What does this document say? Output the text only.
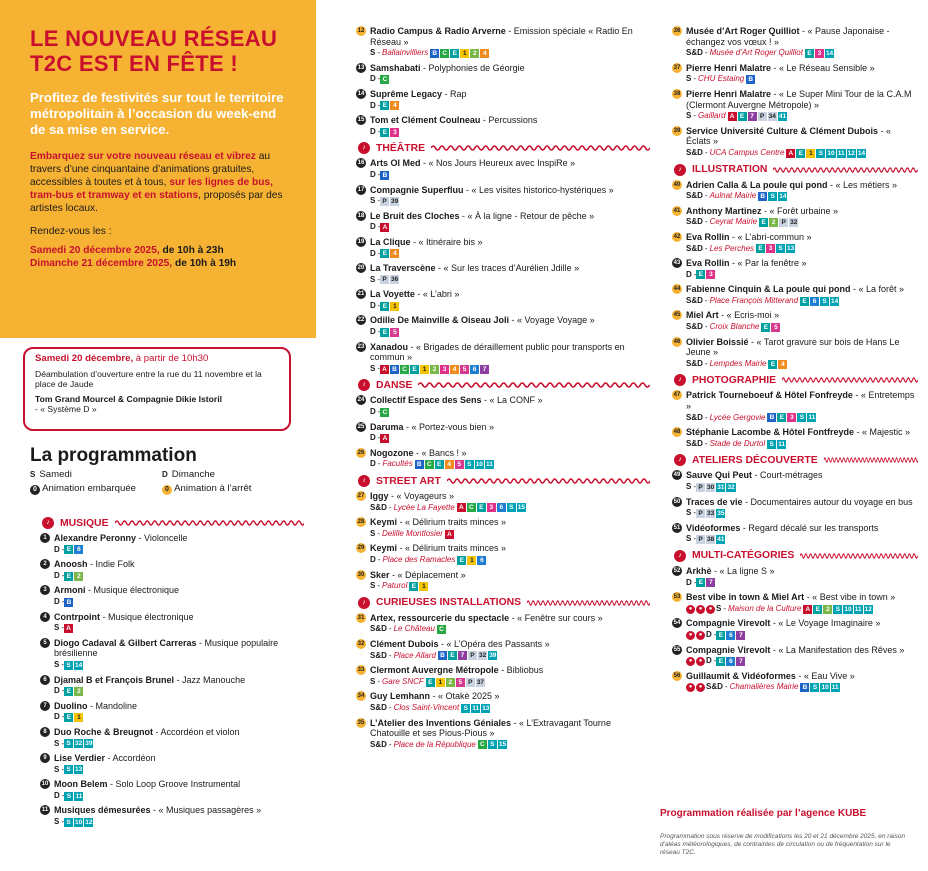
LE NOUVEAU RÉSEAU
T2C EST EN FÊTE !
Profitez de festivités sur tout le territoire métropolitain à l’occasion du week-end de sa mise en service.

Embarquez sur votre nouveau réseau et vibrez au travers d’une cinquantaine d’animations gratuites, accessibles à toutes et à tous, sur les lignes de bus, tram-bus et tramway et en stations, proposés par des artistes locaux.

Rendez-vous les :

Samedi 20 décembre 2025, de 10h à 23h
Dimanche 21 décembre 2025, de 10h à 19h

Samedi 20 décembre, à partir de 10h30
Déambulation d’ouverture entre la rue du 11 novembre et la place de Jaude
Tom Grand Mourcel & Compagnie Dikie Istoril
- « Système D »
La programmation
S Samedi	D Dimanche
0 Animation embarquée	0 Animation à l’arrêt
♪ MUSIQUE
1 Alexandre Peronny - Violoncelle
D - E 6
2 Anoosh - Indie Folk
D - E 2
3 Armoni - Musique électronique
D - B
4 Contrpoint - Musique électronique
S - A
5 Diogo Cadaval & Gilbert Carreras - Musique populaire brésilienne
S - S 14
6 Djamal B et François Brunel - Jazz Manouche
D - E 2
7 Duolino - Mandoline
D - E 1
8 Duo Roche & Breugnot - Accordéon et violon
S - S 32 39
9 Lise Verdier - Accordéon
S - S 13
10 Moon Belem - Solo Loop Groove Instrumental
D - S 11
11 Musiques démesurées - « Musiques passagères »
S - S 10 12
12 Radio Campus & Radio Arverne - Emission spéciale « Radio En Réseau »
S - Ballainvilliers B C E 1 2 4
13 Samshabati - Polyphonies de Géorgie
D - C
14 Suprême Legacy - Rap
D - E 4
15 Tom et Clément Coulneau - Percussions
D - E 3
♪ THÉÂTRE
16 Arts Ol Med - « Nos Jours Heureux avec InspiRe »
D - B
17 Compagnie Superfluu - « Les visites historico-hystériques »
S - P 39
18 Le Bruit des Cloches - « À la ligne - Retour de pêche »
D - A
19 La Clique - « Itinéraire bis »
D - E 4
20 La Traverscène - « Sur les traces d’Aurélien Jdille »
S - P 36
21 La Voyette - « L’abri »
D - E 1
22 Odille De Mainville & Oiseau Joli - « Voyage Voyage »
D - E 5
23 Xanadou - « Brigades de déraillement public pour transports en commun »
S - A B C E 1 2 3 4 5 6 7
♪ DANSE
24 Collectif Espace des Sens - « La CONF »
D - C
25 Daruma - « Portez-vous bien »
D - A
26 Nogozone - « Bancs ! »
D - Facultés B C E 4 5 S 10 11
♪ STREET ART
27 Iggy - « Voyageurs »
S&D - Lycée La Fayette A C E 3 6 S 15
28 Keymi - « Délirium traits minces »
S - Delille Montlosier A
29 Keymi - « Délirium traits minces »
D - Place des Ramacles E 1 6
30 Sker - « Déplacement »
S - Paturol E 1
♪ CURIEUSES INSTALLATIONS
31 Artex, ressourcerie du spectacle - « Fenêtre sur cours »
S&D - Le Château C
32 Clément Dubois - « L’Opéra des Passants »
S&D - Place Allard B E 7 P 32 39
33 Clermont Auvergne Métropole - Bibliobus
S - Gare SNCF E 1 2 5 P 37
34 Guy Lemhann - « Otakè 2025 »
S&D - Clos Saint-Vincent S 11 13
35 L’Atelier des Inventions Géniales - « L’Extravagant Tourne Chatouille et ses Pious-Pious »
S&D - Place de la République C S 15
36 Musée d’Art Roger Quilliot - « Pause Japonaise - échangez vos vœux ! »
S&D - Musée d’Art Roger Quilliot E 3 14
37 Pierre Henri Malatre - « Le Réseau Sensible »
S - CHU Estaing B
38 Pierre Henri Malatre - « Le Super Mini Tour de la C.A.M (Clermont Auvergne Métropole) »
S - Gaillard A E 7 P 34 41
39 Service Université Culture & Clément Dubois - « Éclats »
S&D - UCA Campus Centre A E 1 S 10 11 12 14
♪ ILLUSTRATION
40 Adrien Calla & La poule qui pond - « Les métiers »
S&D - Aulnat Mairie B S 14
41 Anthony Martinez - « Forêt urbaine »
S&D - Ceyrat Mairie E 2 P 32
42 Eva Rollin - « L’abri-commun »
S&D - Les Perches E 3 S 13
43 Eva Rollin - « Par la fenêtre »
D - E 3
44 Fabienne Cinquin & La poule qui pond - « La forêt »
S&D - Place François Mitterand E 6 S 14
45 Miel Art - « Ecris-moi »
S&D - Croix Blanche E 5
46 Olivier Boissié - « Tarot gravure sur bois de Hans Le Jeune »
S&D - Lempdes Mairie E 4
♪ PHOTOGRAPHIE
47 Patrick Tourneboeuf & Hôtel Fonfreyde - « Entretemps »
S&D - Lycée Gergovie B E 3 S 11
48 Stéphanie Lacombe & Hôtel Fontfreyde - « Majestic »
S&D - Stade de Durtol S 11
♪ ATELIERS DÉCOUVERTE
49 Sauve Qui Peut - Court-métrages
S - P 30 31 32
50 Traces de vie - Documentaires autour du voyage en bus
S - P 33 35
51 Vidéoformes - Regard décalé sur les transports
S - P 38 41
♪ MULTI-CATÉGORIES
52 Arkhè - « La ligne S »
D - E 7
53 Best vibe in town & Miel Art - « Best vibe in town »
●	●	● S - Maison de la Culture A E 2 S 10 11 12
54 Compagnie Virevolt - « Le Voyage Imaginaire »
●	● D - E 6 7
55 Compagnie Virevolt - « La Manifestation des Rêves »
●	● D - E 6 7
56 Guillaumit & Vidéoformes - « Eau Vive »
●	● S&D - Chamalières Mairie B S 10 11
Programmation réalisée par l’agence KUBE
Programmation sous réserve de modifications les 20 et 21 décembre 2025, en raison d’aléas météorologiques, de contraintes de circulation ou de fréquentation sur le réseau T2C.
